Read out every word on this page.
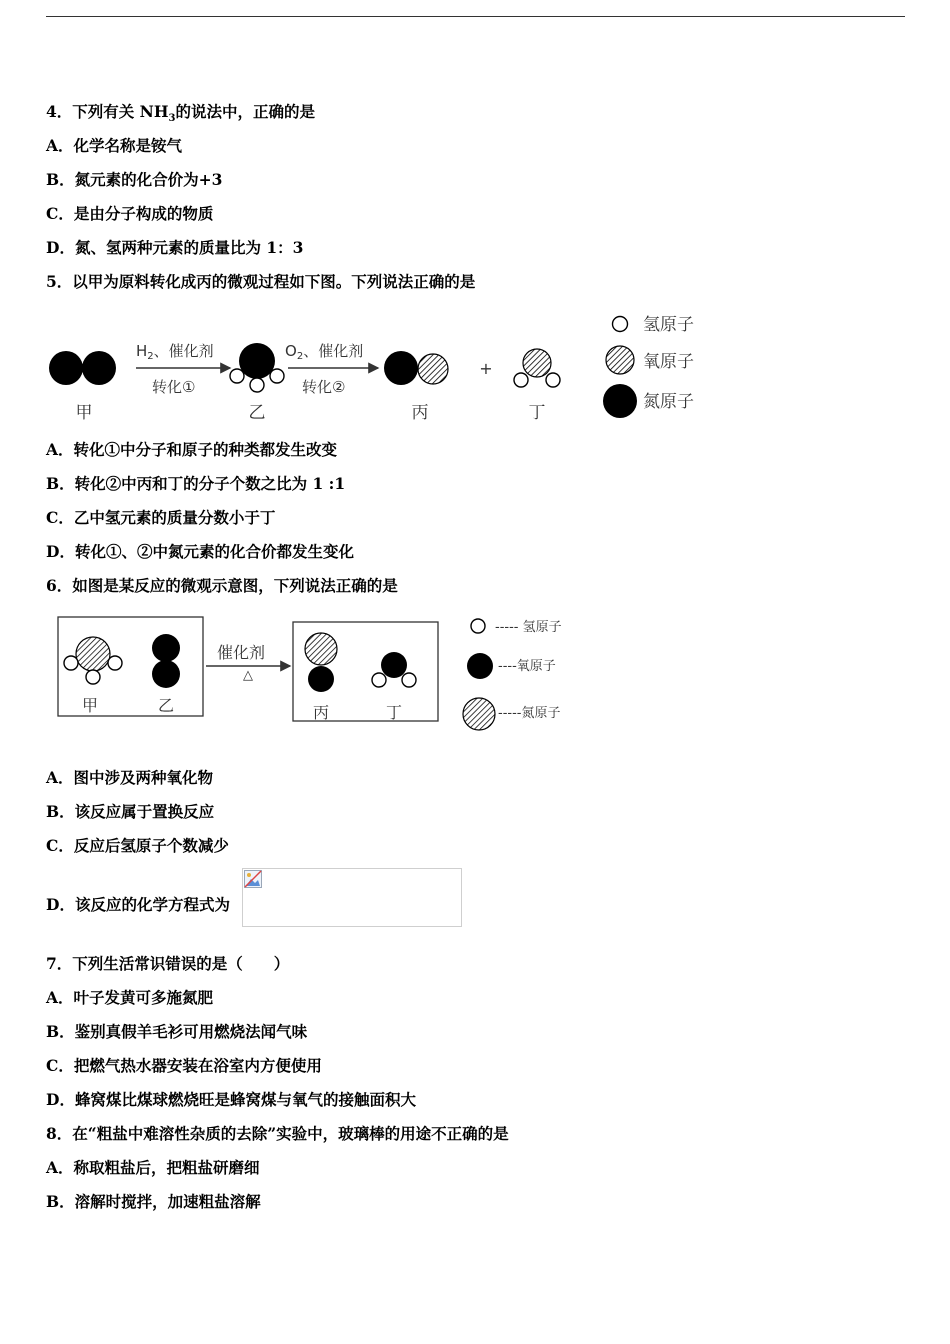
4．下列有关 $NH_3$的说法中，正确的是
A．化学名称是铵气
B．氮元素的化合价为+3
C．是由分子构成的物质
D．氮、氢两种元素的质量比为 1：3
5．以甲为原料转化成丙的微观过程如下图。下列说法正确的是
甲
$H_2$、催化剂
转化①
乙
$O_2$、催化剂
转化②
丙
+
丁
氢原子
氧原子
氮原子
A．转化①中分子和原子的种类都发生改变
B．转化②中丙和丁的分子个数之比为 1 :1
C．乙中氢元素的质量分数小于丁
D．转化①、②中氮元素的化合价都发生变化
6．如图是某反应的微观示意图，下列说法正确的是
甲	乙
催化剂
△
丙	丁
----- 氢原子
----氧原子
-----氮原子
A．图中涉及两种氧化物
B．该反应属于置换反应
C．反应后氢原子个数减少
D．该反应的化学方程式为
7．下列生活常识错误的是（　　）
A．叶子发黄可多施氮肥
B．鉴别真假羊毛衫可用燃烧法闻气味
C．把燃气热水器安装在浴室内方便使用
D．蜂窝煤比煤球燃烧旺是蜂窝煤与氧气的接触面积大
8．在“粗盐中难溶性杂质的去除”实验中，玻璃棒的用途不正确的是
A．称取粗盐后，把粗盐研磨细
B．溶解时搅拌，加速粗盐溶解
